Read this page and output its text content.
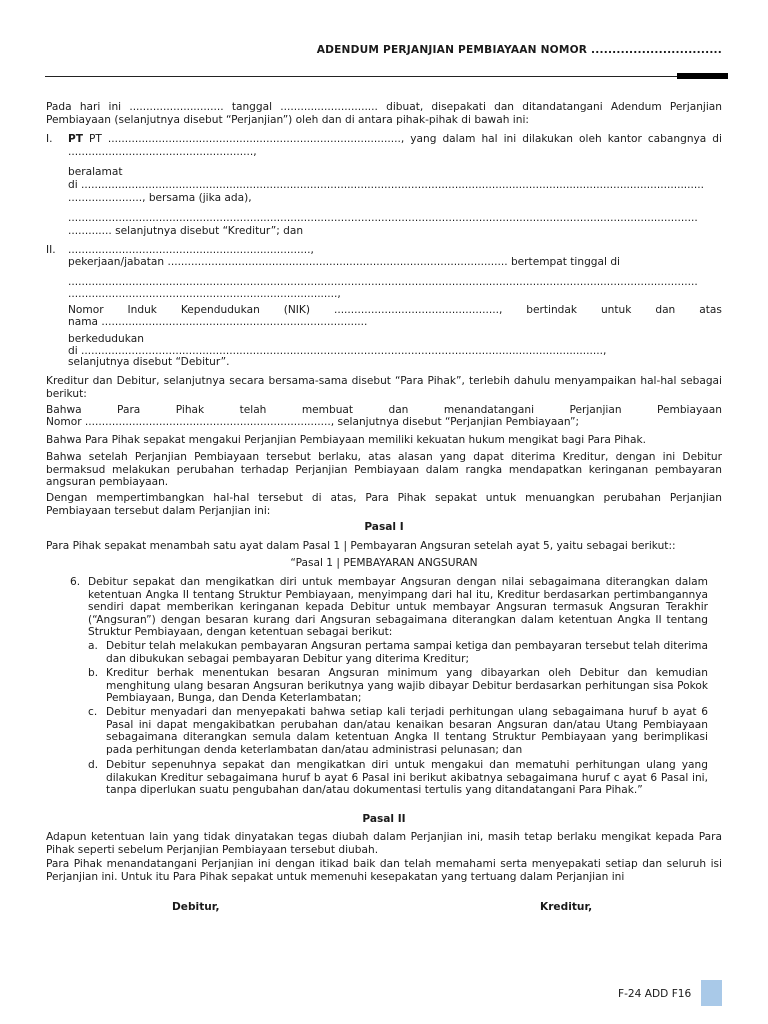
ADENDUM PERJANJIAN PEMBIAYAAN NOMOR ...............................
Pada hari ini ............................ tanggal ............................. dibuat, disepakati dan ditandatangani Adendum Perjanjian Pembiayaan (selanjutnya disebut “Perjanjian”) oleh dan di antara pihak-pihak di bawah ini:
I. PT PT ......................................................................................., yang dalam hal ini dilakukan oleh kantor cabangnya di .......................................................,
beralamat
di .........................................................................................................................................................................................
......................, bersama (jika ada),
...........................................................................................................................................................................................
............. selanjutnya disebut “Kreditur”; dan
II. ........................................................................,
pekerjaan/jabatan ..................................................................................................... bertempat tinggal di
...........................................................................................................................................................................................
................................................................................,
Nomor Induk Kependudukan (NIK) ................................................., bertindak untuk dan atas
nama ...............................................................................
berkedudukan
di ...........................................................................................................................................................,
selanjutnya disebut “Debitur”.
Kreditur dan Debitur, selanjutnya secara bersama-sama disebut “Para Pihak”, terlebih dahulu menyampaikan hal-hal sebagai berikut:
Bahwa	Para	Pihak	telah	membuat	dan	menandatangani	Perjanjian	Pembiayaan
Nomor ........................................................................., selanjutnya disebut “Perjanjian Pembiayaan”;
Bahwa Para Pihak sepakat mengakui Perjanjian Pembiayaan memiliki kekuatan hukum mengikat bagi Para Pihak.
Bahwa setelah Perjanjian Pembiayaan tersebut berlaku, atas alasan yang dapat diterima Kreditur, dengan ini Debitur bermaksud melakukan perubahan terhadap Perjanjian Pembiayaan dalam rangka mendapatkan keringanan pembayaran angsuran pembiayaan.
Dengan mempertimbangkan hal-hal tersebut di atas, Para Pihak sepakat untuk menuangkan perubahan Perjanjian Pembiayaan tersebut dalam Perjanjian ini:
Pasal I
Para Pihak sepakat menambah satu ayat dalam Pasal 1 | Pembayaran Angsuran setelah ayat 5, yaitu sebagai berikut::
“Pasal 1 | PEMBAYARAN ANGSURAN
6. Debitur sepakat dan mengikatkan diri untuk membayar Angsuran dengan nilai sebagaimana diterangkan dalam ketentuan Angka II tentang Struktur Pembiayaan, menyimpang dari hal itu, Kreditur berdasarkan pertimbangannya sendiri dapat memberikan keringanan kepada Debitur untuk membayar Angsuran termasuk Angsuran Terakhir (“Angsuran”) dengan besaran kurang dari Angsuran sebagaimana diterangkan dalam ketentuan Angka II tentang Struktur Pembiayaan, dengan ketentuan sebagai berikut:
a. Debitur telah melakukan pembayaran Angsuran pertama sampai ketiga dan pembayaran tersebut telah diterima dan dibukukan sebagai pembayaran Debitur yang diterima Kreditur;
b. Kreditur berhak menentukan besaran Angsuran minimum yang dibayarkan oleh Debitur dan kemudian menghitung ulang besaran Angsuran berikutnya yang wajib dibayar Debitur berdasarkan perhitungan sisa Pokok Pembiayaan, Bunga, dan Denda Keterlambatan;
c. Debitur menyadari dan menyepakati bahwa setiap kali terjadi perhitungan ulang sebagaimana huruf b ayat 6 Pasal ini dapat mengakibatkan perubahan dan/atau kenaikan besaran Angsuran dan/atau Utang Pembiayaan sebagaimana diterangkan semula dalam ketentuan Angka II tentang Struktur Pembiayaan yang berimplikasi pada perhitungan denda keterlambatan dan/atau administrasi pelunasan; dan
d. Debitur sepenuhnya sepakat dan mengikatkan diri untuk mengakui dan mematuhi perhitungan ulang yang dilakukan Kreditur sebagaimana huruf b ayat 6 Pasal ini berikut akibatnya sebagaimana huruf c ayat 6 Pasal ini, tanpa diperlukan suatu pengubahan dan/atau dokumentasi tertulis yang ditandatangani Para Pihak.”
Pasal II
Adapun ketentuan lain yang tidak dinyatakan tegas diubah dalam Perjanjian ini, masih tetap berlaku mengikat kepada Para Pihak seperti sebelum Perjanjian Pembiayaan tersebut diubah.
Para Pihak menandatangani Perjanjian ini dengan itikad baik dan telah memahami serta menyepakati setiap dan seluruh isi Perjanjian ini. Untuk itu Para Pihak sepakat untuk memenuhi kesepakatan yang tertuang dalam Perjanjian ini
Debitur,	Kreditur,
F-24 ADD F16
